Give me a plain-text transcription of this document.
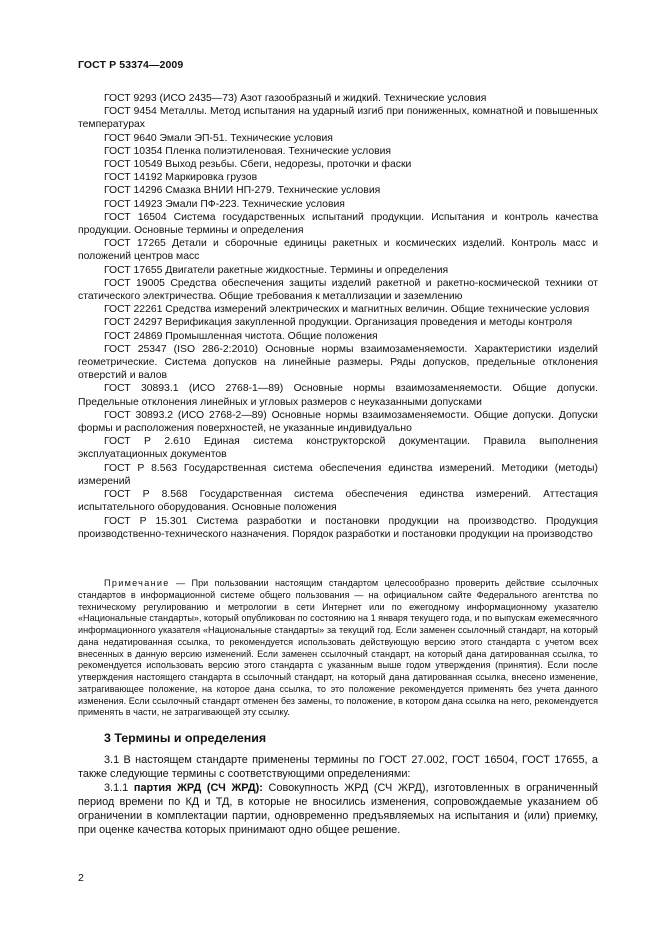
ГОСТ Р 53374—2009

ГОСТ 9293 (ИСО 2435—73) Азот газообразный и жидкий. Технические условия

ГОСТ 9454 Металлы. Метод испытания на ударный изгиб при пониженных, комнатной и повышенных температурах

ГОСТ 9640 Эмали ЭП-51. Технические условия

ГОСТ 10354 Пленка полиэтиленовая. Технические условия

ГОСТ 10549 Выход резьбы. Сбеги, недорезы, проточки и фаски

ГОСТ 14192 Маркировка грузов

ГОСТ 14296 Смазка ВНИИ НП-279. Технические условия

ГОСТ 14923 Эмали ПФ-223. Технические условия

ГОСТ 16504 Система государственных испытаний продукции. Испытания и контроль качества продукции. Основные термины и определения

ГОСТ 17265 Детали и сборочные единицы ракетных и космических изделий. Контроль масс и положений центров масс

ГОСТ 17655 Двигатели ракетные жидкостные. Термины и определения

ГОСТ 19005 Средства обеспечения защиты изделий ракетной и ракетно-космической техники от статического электричества. Общие требования к металлизации и заземлению

ГОСТ 22261 Средства измерений электрических и магнитных величин. Общие технические условия

ГОСТ 24297 Верификация закупленной продукции. Организация проведения и методы контроля

ГОСТ 24869 Промышленная чистота. Общие положения

ГОСТ 25347 (ISO 286-2:2010) Основные нормы взаимозаменяемости. Характеристики изделий геометрические. Система допусков на линейные размеры. Ряды допусков, предельные отклонения отверстий и валов

ГОСТ 30893.1 (ИСО 2768-1—89) Основные нормы взаимозаменяемости. Общие допуски. Предельные отклонения линейных и угловых размеров с неуказанными допусками

ГОСТ 30893.2 (ИСО 2768-2—89) Основные нормы взаимозаменяемости. Общие допуски. Допуски формы и расположения поверхностей, не указанные индивидуально

ГОСТ Р 2.610 Единая система конструкторской документации. Правила выполнения эксплуатационных документов

ГОСТ Р 8.563 Государственная система обеспечения единства измерений. Методики (методы) измерений

ГОСТ Р 8.568 Государственная система обеспечения единства измерений. Аттестация испытательного оборудования. Основные положения

ГОСТ Р 15.301 Система разработки и постановки продукции на производство. Продукция производственно-технического назначения. Порядок разработки и постановки продукции на производство

Примечание — При пользовании настоящим стандартом целесообразно проверить действие ссылочных стандартов в информационной системе общего пользования — на официальном сайте Федерального агентства по техническому регулированию и метрологии в сети Интернет или по ежегодному информационному указателю «Национальные стандарты», который опубликован по состоянию на 1 января текущего года, и по выпускам ежемесячного информационного указателя «Национальные стандарты» за текущий год. Если заменен ссылочный стандарт, на который дана недатированная ссылка, то рекомендуется использовать действующую версию этого стандарта с учетом всех внесенных в данную версию изменений. Если заменен ссылочный стандарт, на который дана датированная ссылка, то рекомендуется использовать версию этого стандарта с указанным выше годом утверждения (принятия). Если после утверждения настоящего стандарта в ссылочный стандарт, на который дана датированная ссылка, внесено изменение, затрагивающее положение, на которое дана ссылка, то это положение рекомендуется применять без учета данного изменения. Если ссылочный стандарт отменен без замены, то положение, в котором дана ссылка на него, рекомендуется применять в части, не затрагивающей эту ссылку.

3 Термины и определения

3.1 В настоящем стандарте применены термины по ГОСТ 27.002, ГОСТ 16504, ГОСТ 17655, а также следующие термины с соответствующими определениями:

3.1.1 партия ЖРД (СЧ ЖРД): Совокупность ЖРД (СЧ ЖРД), изготовленных в ограниченный период времени по КД и ТД, в которые не вносились изменения, сопровождаемые указанием об ограничении в комплектации партии, одновременно предъявляемых на испытания и (или) приемку, при оценке качества которых принимают одно общее решение.

2
